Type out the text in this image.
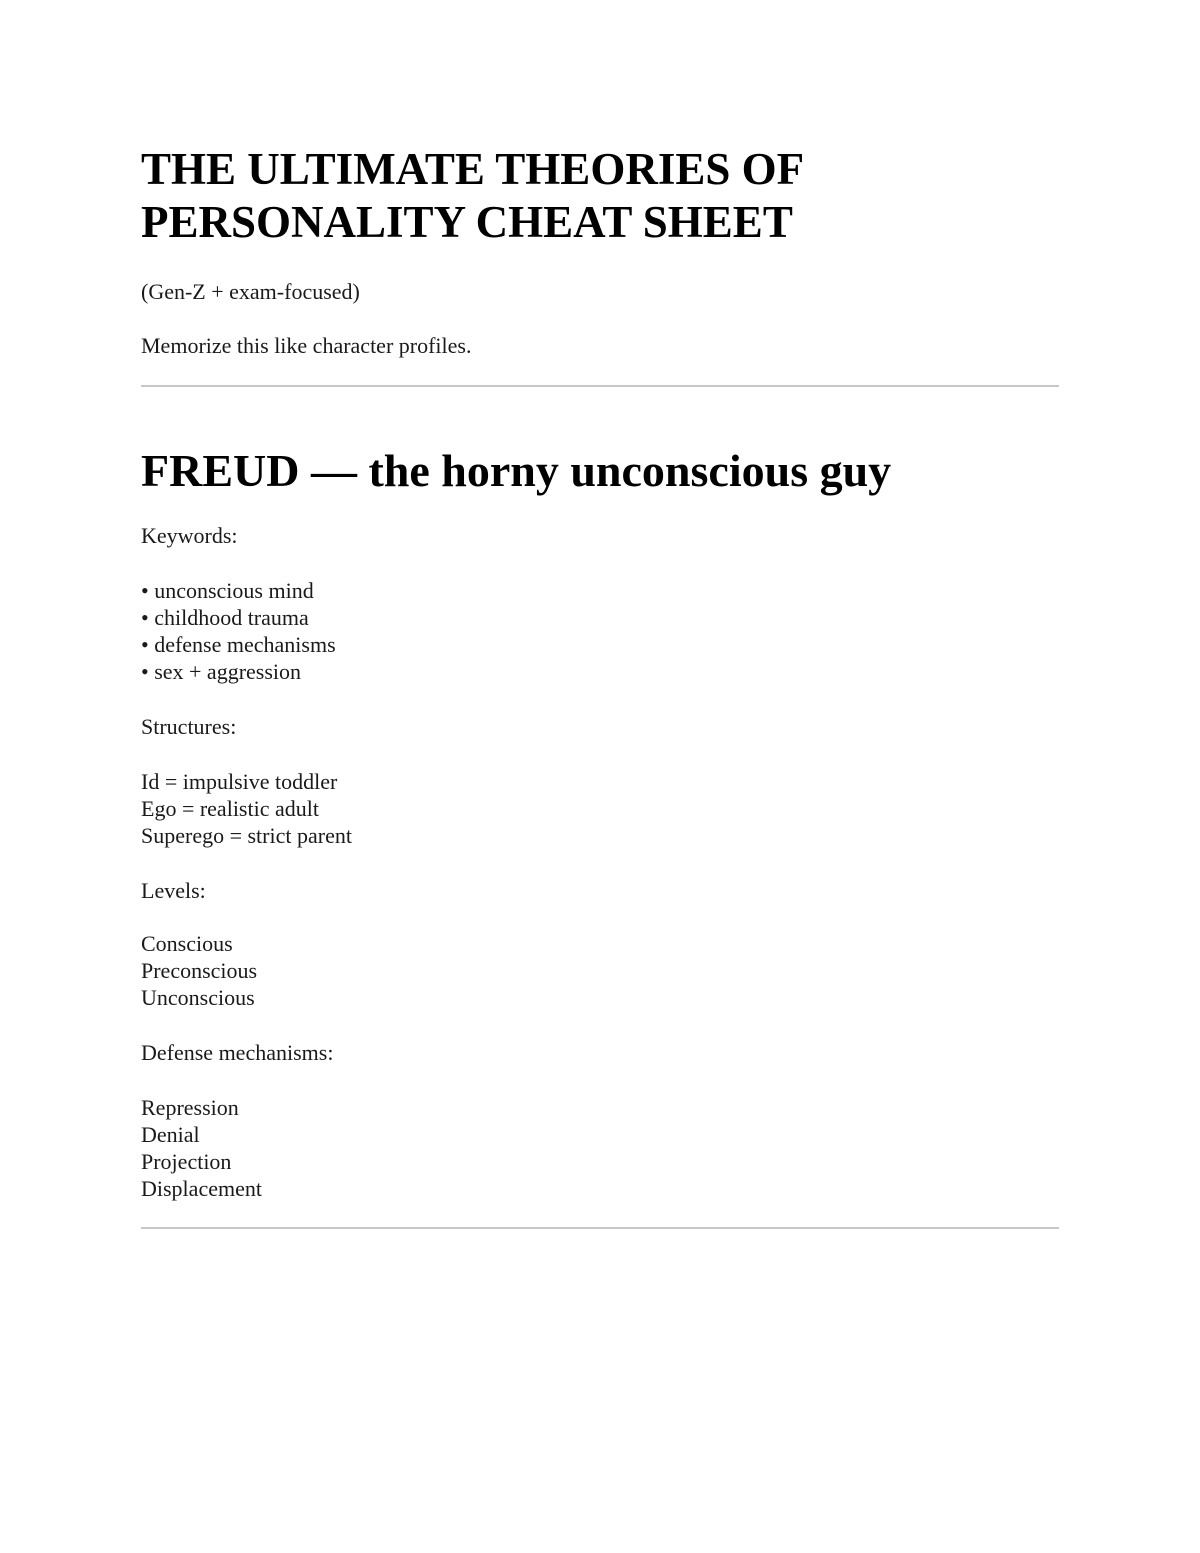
THE ULTIMATE THEORIES OF PERSONALITY CHEAT SHEET

(Gen-Z + exam-focused)

Memorize this like character profiles.

FREUD — the horny unconscious guy

Keywords:

• unconscious mind
• childhood trauma
• defense mechanisms
• sex + aggression

Structures:

Id = impulsive toddler
Ego = realistic adult
Superego = strict parent

Levels:

Conscious
Preconscious
Unconscious

Defense mechanisms:

Repression
Denial
Projection
Displacement
